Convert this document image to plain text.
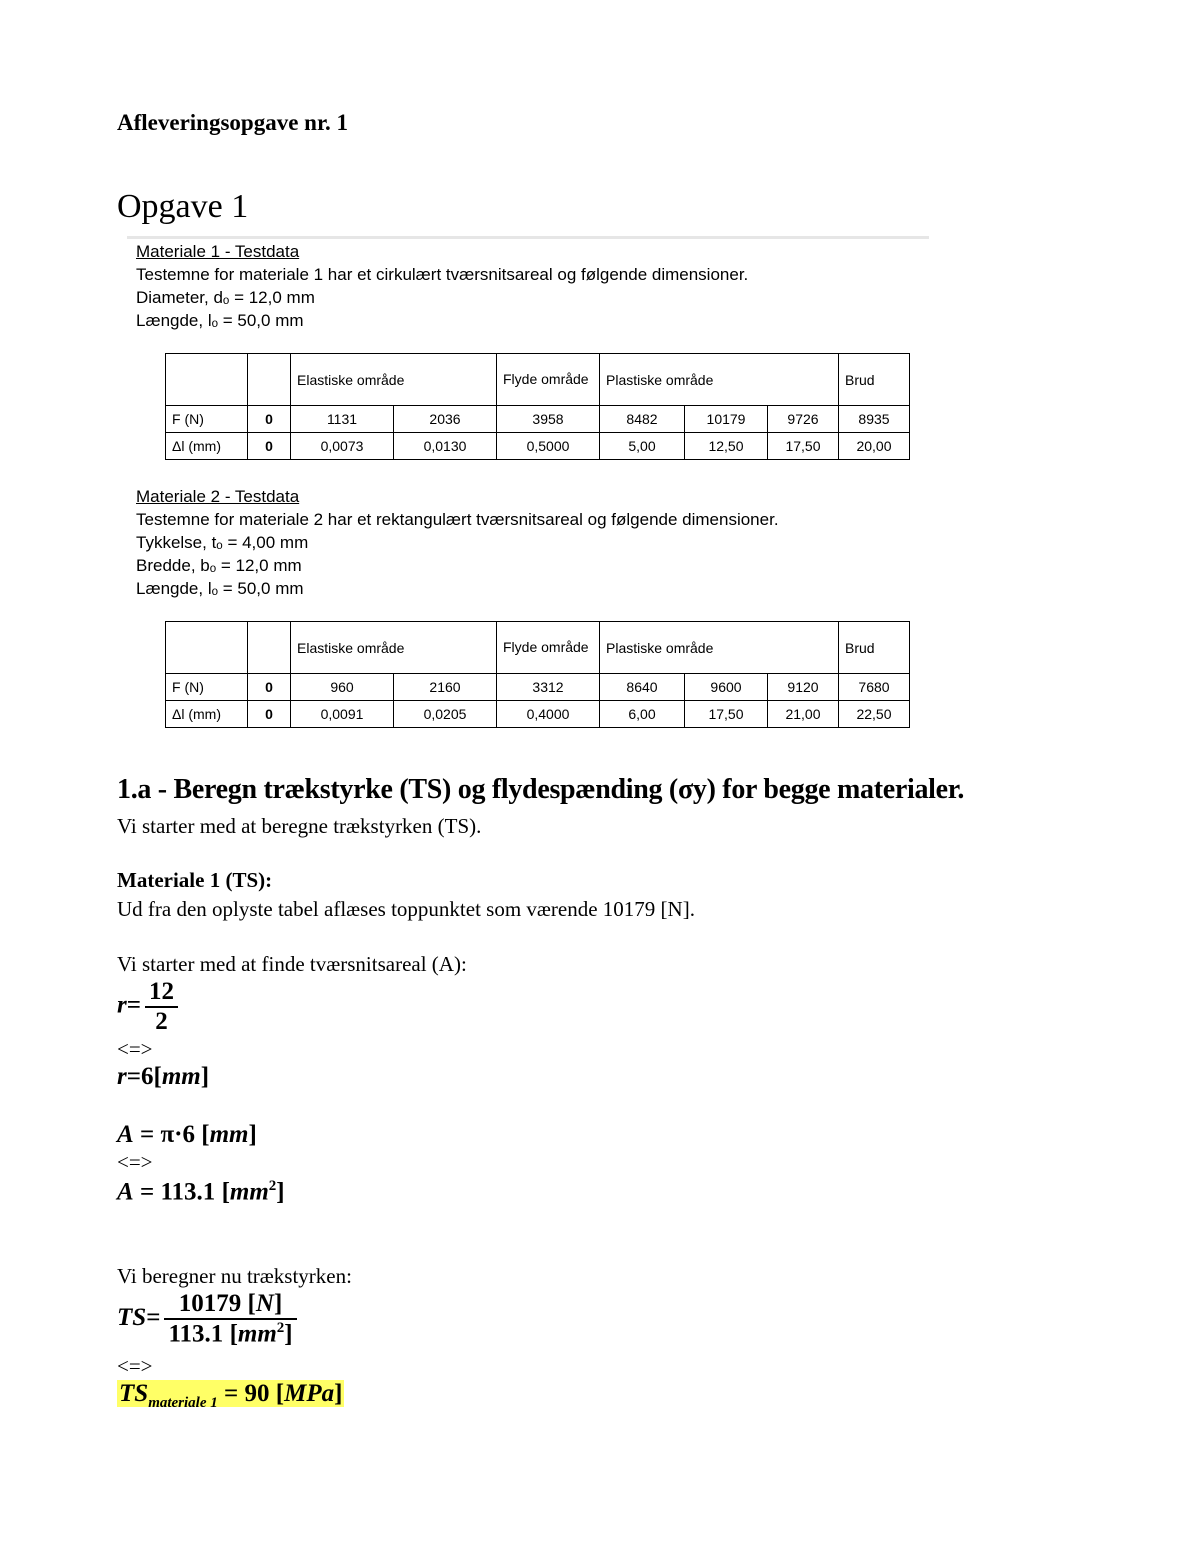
Afleveringsopgave nr. 1
Opgave 1
Materiale 1 - Testdata
Testemne for materiale 1 har et cirkulært tværsnitsareal og følgende dimensioner.
Diameter, dₒ = 12,0 mm
Længde, lₒ = 50,0 mm
		Elastiske område		Flyde område	Plastiske område			Brud
F (N)	0	1131	2036	3958	8482	10179	9726	8935
Δl (mm)	0	0,0073	0,0130	0,5000	5,00	12,50	17,50	20,00
Materiale 2 - Testdata
Testemne for materiale 2 har et rektangulært tværsnitsareal og følgende dimensioner.
Tykkelse, tₒ = 4,00 mm
Bredde, bₒ = 12,0 mm
Længde, lₒ = 50,0 mm
		Elastiske område		Flyde område	Plastiske område			Brud
F (N)	0	960	2160	3312	8640	9600	9120	7680
Δl (mm)	0	0,0091	0,0205	0,4000	6,00	17,50	21,00	22,50
1.a - Beregn trækstyrke (TS) og flydespænding (σy) for begge materialer.
Vi starter med at beregne trækstyrken (TS).
Materiale 1 (TS):
Ud fra den oplyste tabel aflæses toppunktet som værende 10179 [N].
Vi starter med at finde tværsnitsareal (A):
$r= \frac{12}{2}$
<=>
r=6[mm]
A = π·6 [mm]
<=>
A = 113.1 $[mm^2]$
Vi beregner nu trækstyrken:
$TS= \frac{10179 [N]}{113.1 [mm^2]}$
<=>
$TS_{materiale 1} = 90$ [MPa]
